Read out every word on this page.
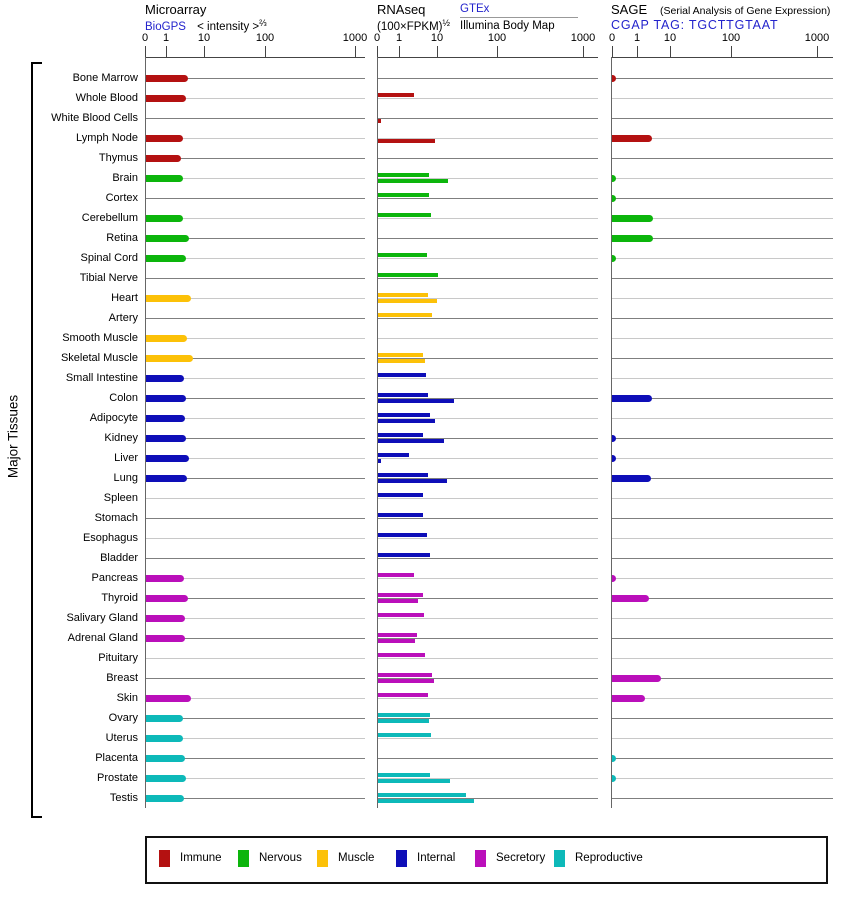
Microarray
BioGPS < intensity >$^{\frac{2}{3}}$
RNAseq
(100×FPKM)$^{\frac{1}{2}}$
GTEx
Illumina Body Map
SAGE (Serial Analysis of Gene Expression)
CGAP TAG: TGCTTGTAAT
Major Tissues
0 1	10	100	1000 0 1	10	100	1000 0 1 10	100	1000
Bone Marrow
Whole Blood
White Blood Cells
Lymph Node
Thymus
Brain
Cortex
Cerebellum
Retina
Spinal Cord
Tibial Nerve
Heart
Artery
Smooth Muscle
Skeletal Muscle
Small Intestine
Colon
Adipocyte
Kidney
Liver
Lung
Spleen
Stomach
Esophagus
Bladder
Pancreas
Thyroid
Salivary Gland
Adrenal Gland
Pituitary
Breast
Skin
Ovary
Uterus
Placenta
Prostate
Testis
Immune	Nervous	Muscle	Internal	Secretory	Reproductive
